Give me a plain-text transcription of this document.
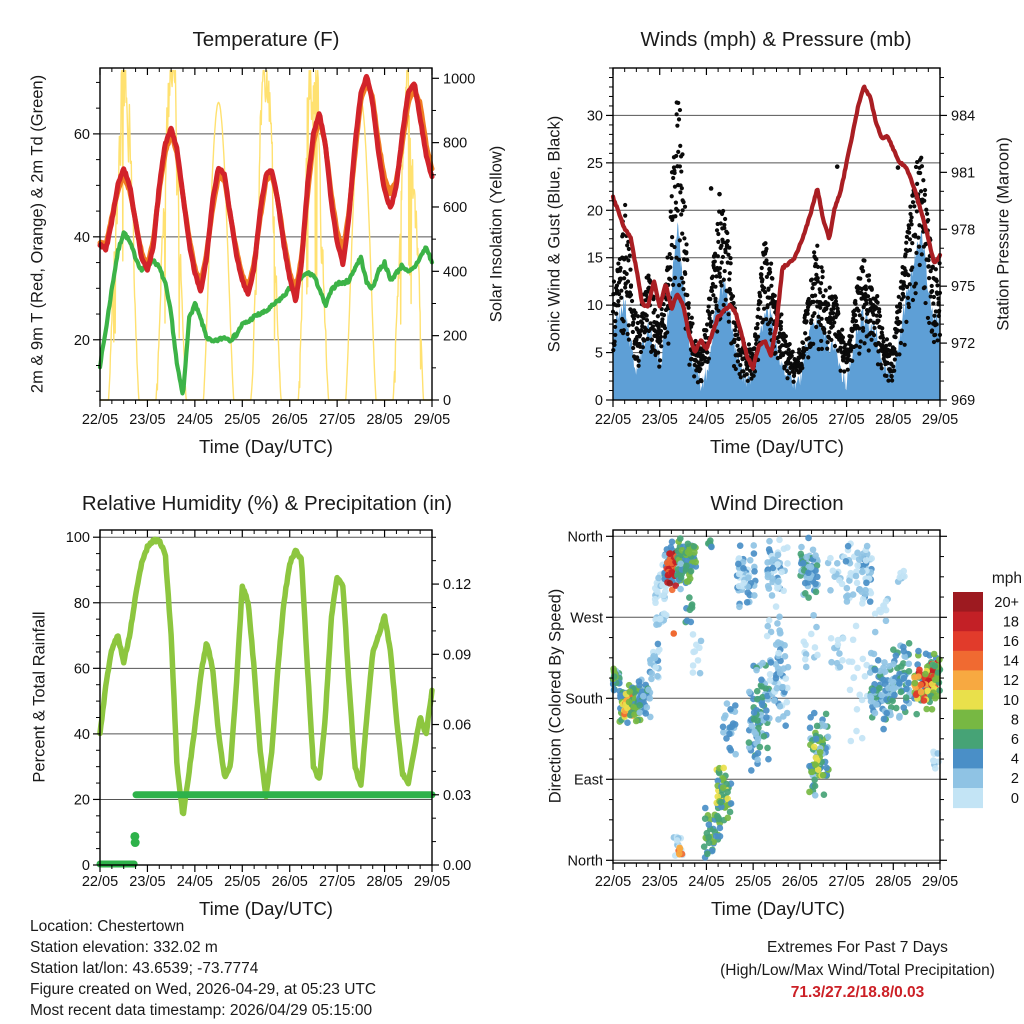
20
40
60
0
200
400
600
800
1000
22/05 23/05 24/05 25/05 26/05 27/05 28/05 29/05
0
5
10
15
20
25
30
969
972
975
978
981
984
22/05 23/05 24/05 25/05 26/05 27/05 28/05 29/05
0
20
40
60
80
100
0.00
0.03
0.06
0.09
0.12
22/05 23/05 24/05 25/05 26/05 27/05 28/05 29/05
North
West
South
East
North
22/05 23/05 24/05 25/05 26/05 27/05 28/05 29/05
20+
18
16
14
12
10
8
6
4
2
0
Temperature (F)	Winds (mph) & Pressure (mb)
Relative Humidity (%) & Precipitation (in)	Wind Direction
Time (Day/UTC)	Time (Day/UTC)
Time (Day/UTC)	Time (Day/UTC)
2m & 9m T (Red, Orange) & 2m Td (Green)	Solar Insolation (Yellow) Sonic Wind & Gust (Blue, Black)	Station Pressure (Maroon)
Percent & Total Rainfall	Direction (Colored By Speed)
mph
Extremes For Past 7 Days
(High/Low/Max Wind/Total Precipitation)
71.3/27.2/18.8/0.03
Location: Chestertown
Station elevation: 332.02 m
Station lat/lon: 43.6539; -73.7774
Figure created on Wed, 2026-04-29, at 05:23 UTC
Most recent data timestamp: 2026/04/29 05:15:00
